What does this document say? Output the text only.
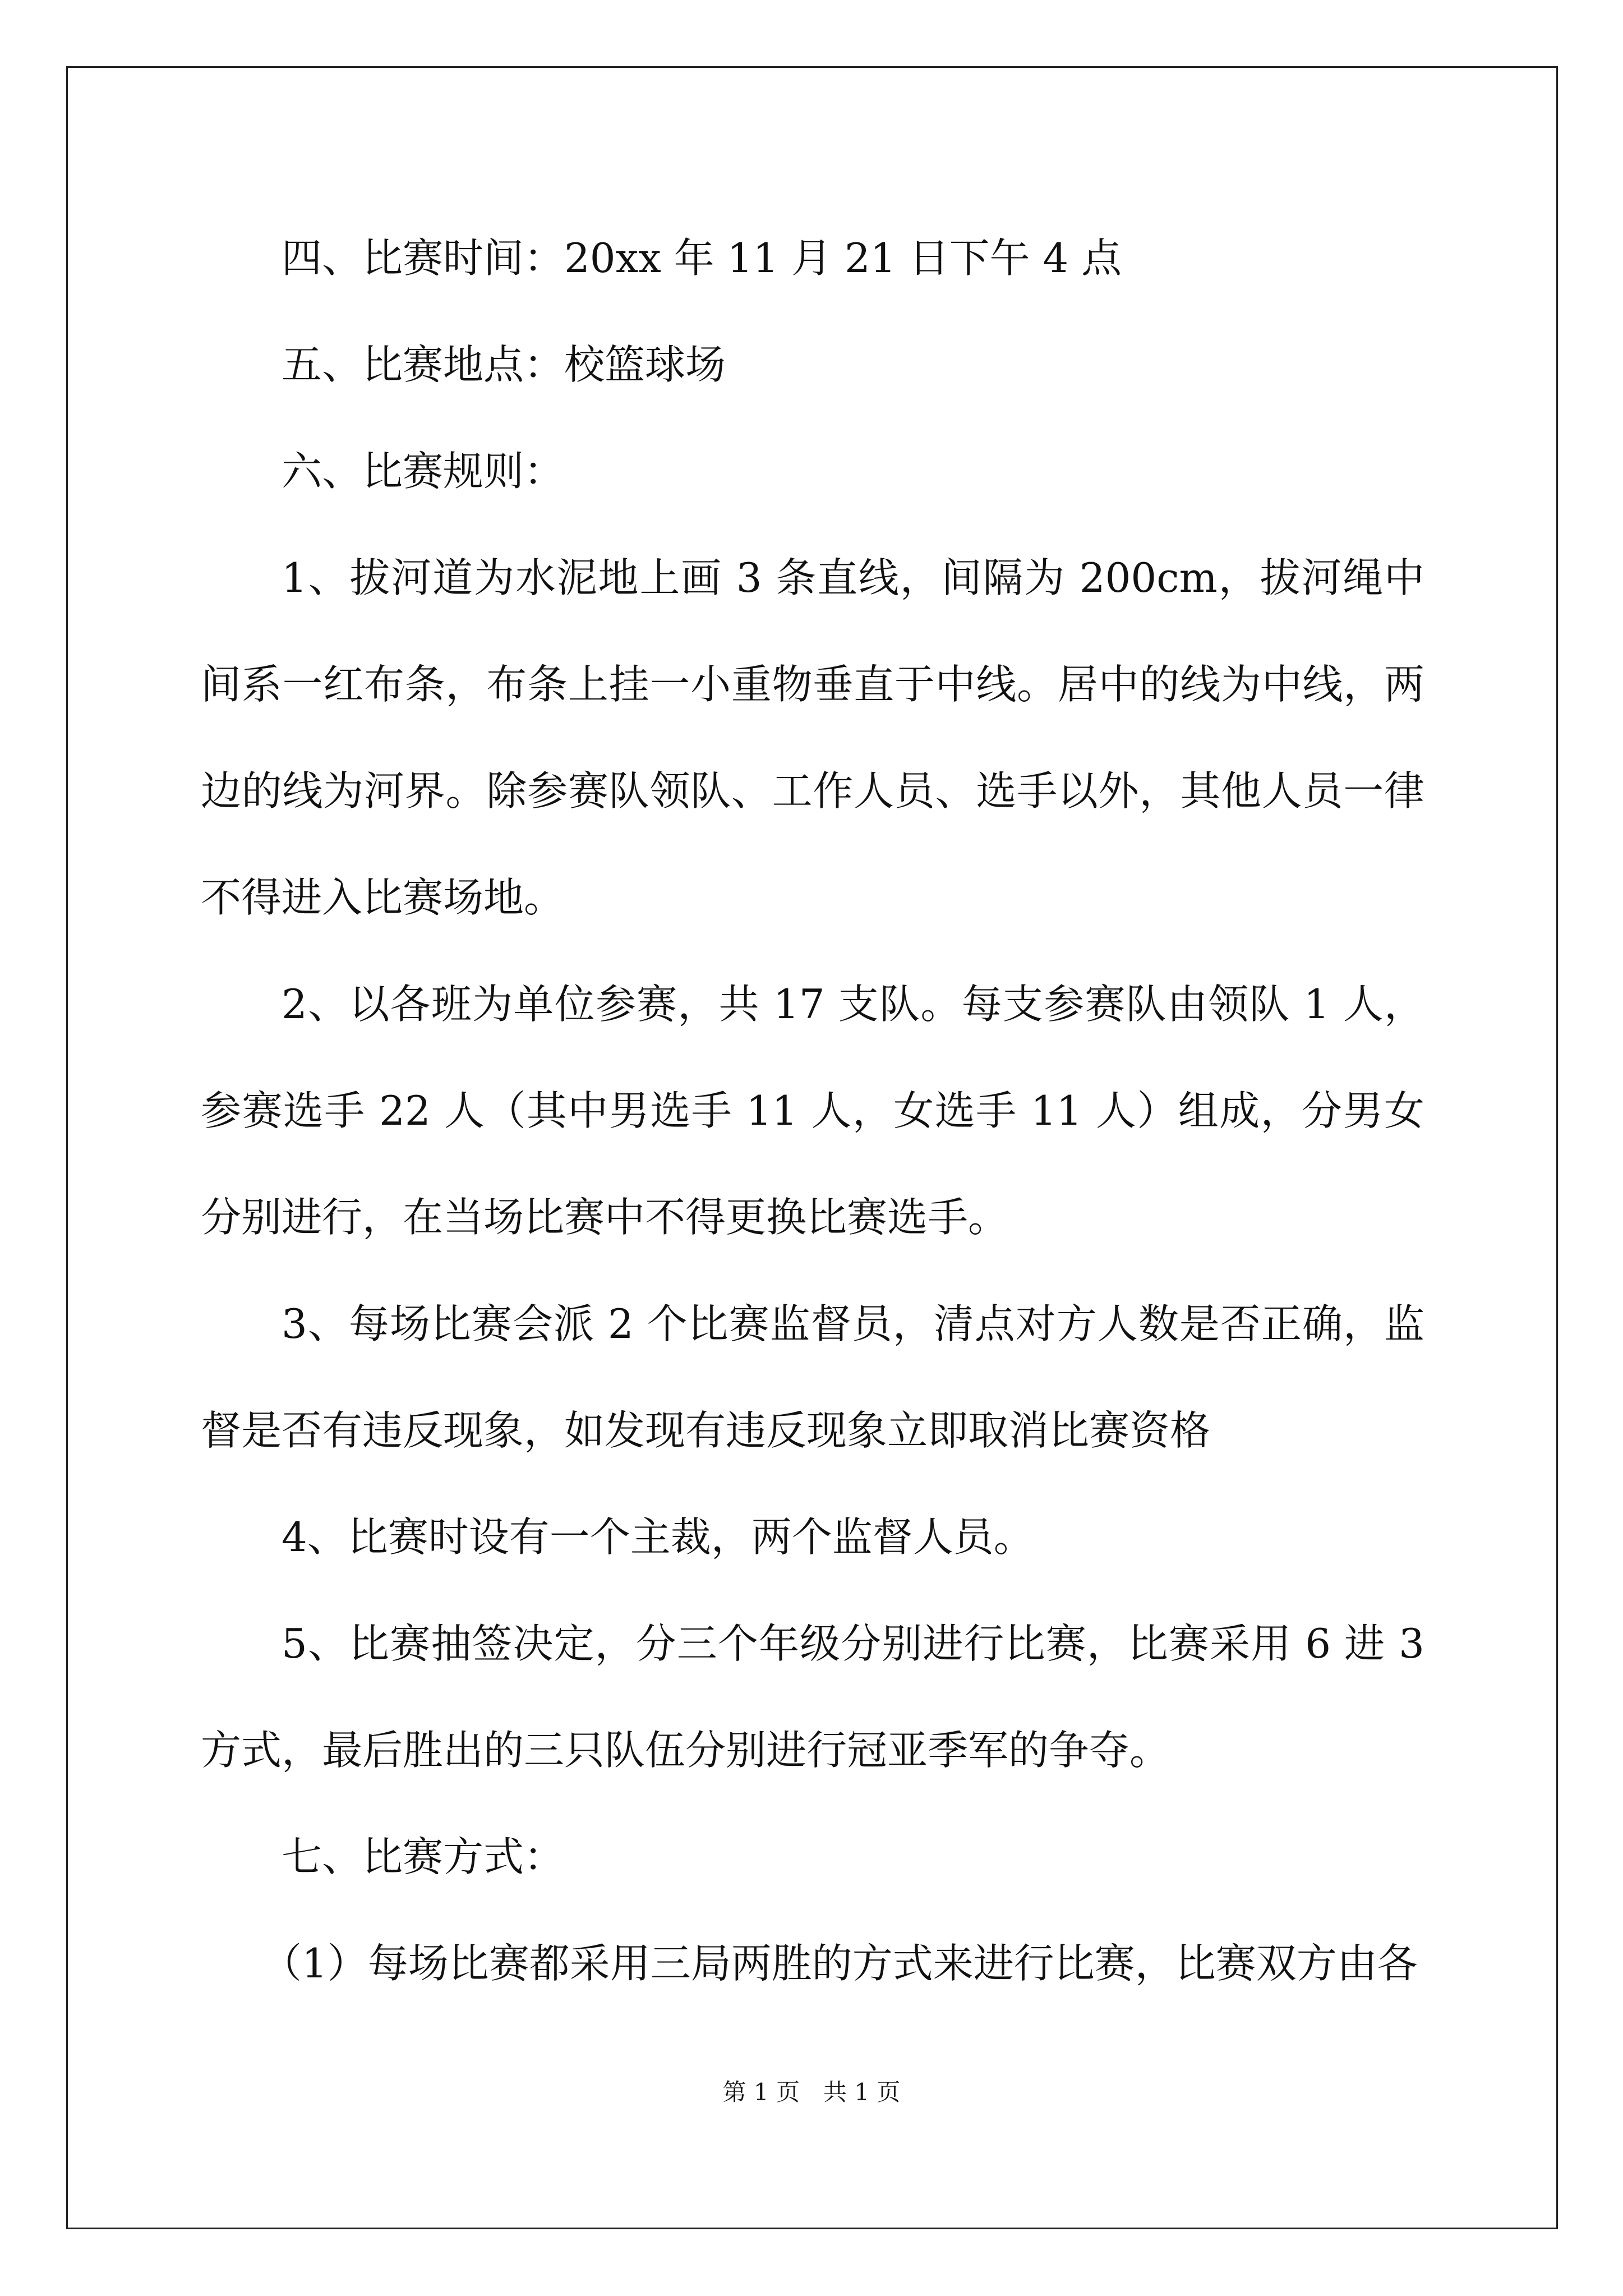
四、比赛时间：20xx 年 11 月 21 日下午 4 点

五、比赛地点：校篮球场

六、比赛规则：

1、拔河道为水泥地上画 3 条直线，间隔为 200cm，拔河绳中间系一红布条，布条上挂一小重物垂直于中线。居中的线为中线，两边的线为河界。除参赛队领队、工作人员、选手以外，其他人员一律不得进入比赛场地。

2、以各班为单位参赛，共 17 支队。每支参赛队由领队 1 人，参赛选手 22 人（其中男选手 11 人，女选手 11 人）组成，分男女分别进行，在当场比赛中不得更换比赛选手。

3、每场比赛会派 2 个比赛监督员，清点对方人数是否正确，监督是否有违反现象，如发现有违反现象立即取消比赛资格

4、比赛时设有一个主裁，两个监督人员。

5、比赛抽签决定，分三个年级分别进行比赛，比赛采用 6 进 3 方式，最后胜出的三只队伍分别进行冠亚季军的争夺。

七、比赛方式：

（1）每场比赛都采用三局两胜的方式来进行比赛，比赛双方由各

第 1 页　共 1 页
